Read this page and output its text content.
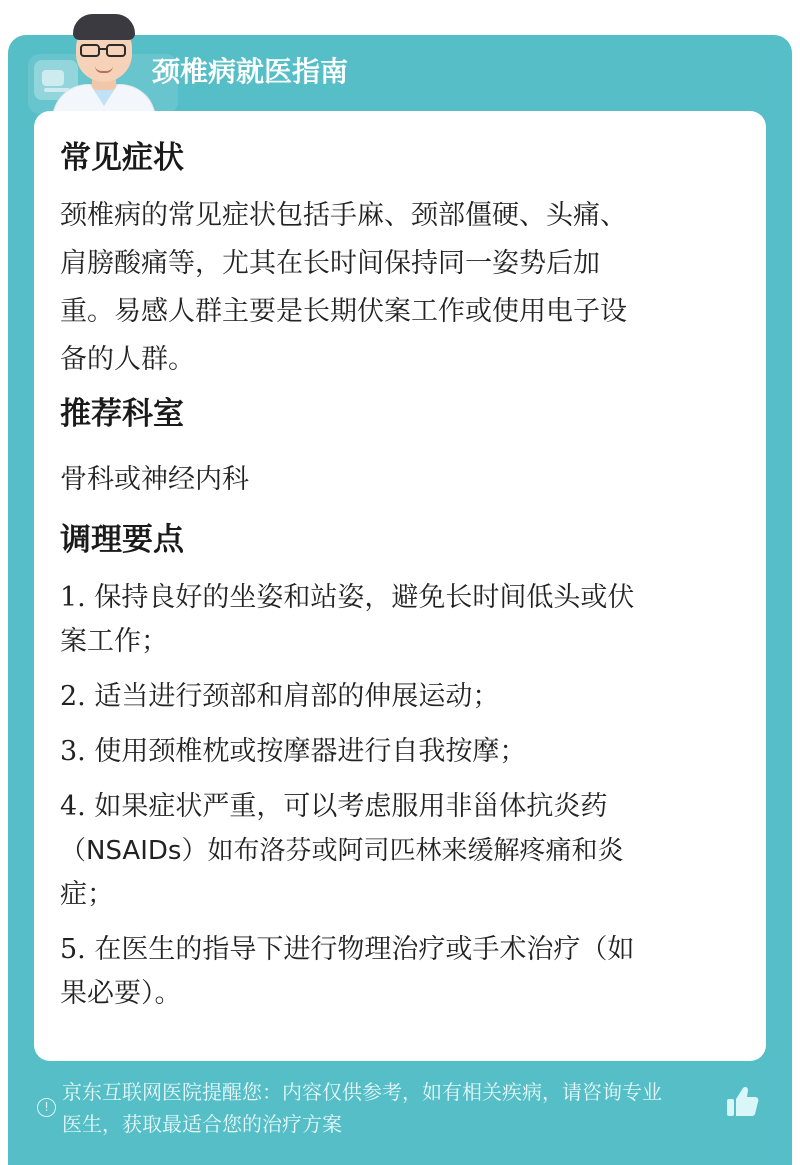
颈椎病就医指南
常见症状
颈椎病的常见症状包括手麻、颈部僵硬、头痛、
肩膀酸痛等，尤其在长时间保持同一姿势后加
重。易感人群主要是长期伏案工作或使用电子设
备的人群。
推荐科室
骨科或神经内科
调理要点
1. 保持良好的坐姿和站姿，避免长时间低头或伏
案工作；
2. 适当进行颈部和肩部的伸展运动；
3. 使用颈椎枕或按摩器进行自我按摩；
4. 如果症状严重，可以考虑服用非甾体抗炎药
（NSAIDs）如布洛芬或阿司匹林来缓解疼痛和炎
症；
5. 在医生的指导下进行物理治疗或手术治疗（如
果必要）。
!
京东互联网医院提醒您：内容仅供参考，如有相关疾病，请咨询专业
医生，获取最适合您的治疗方案
